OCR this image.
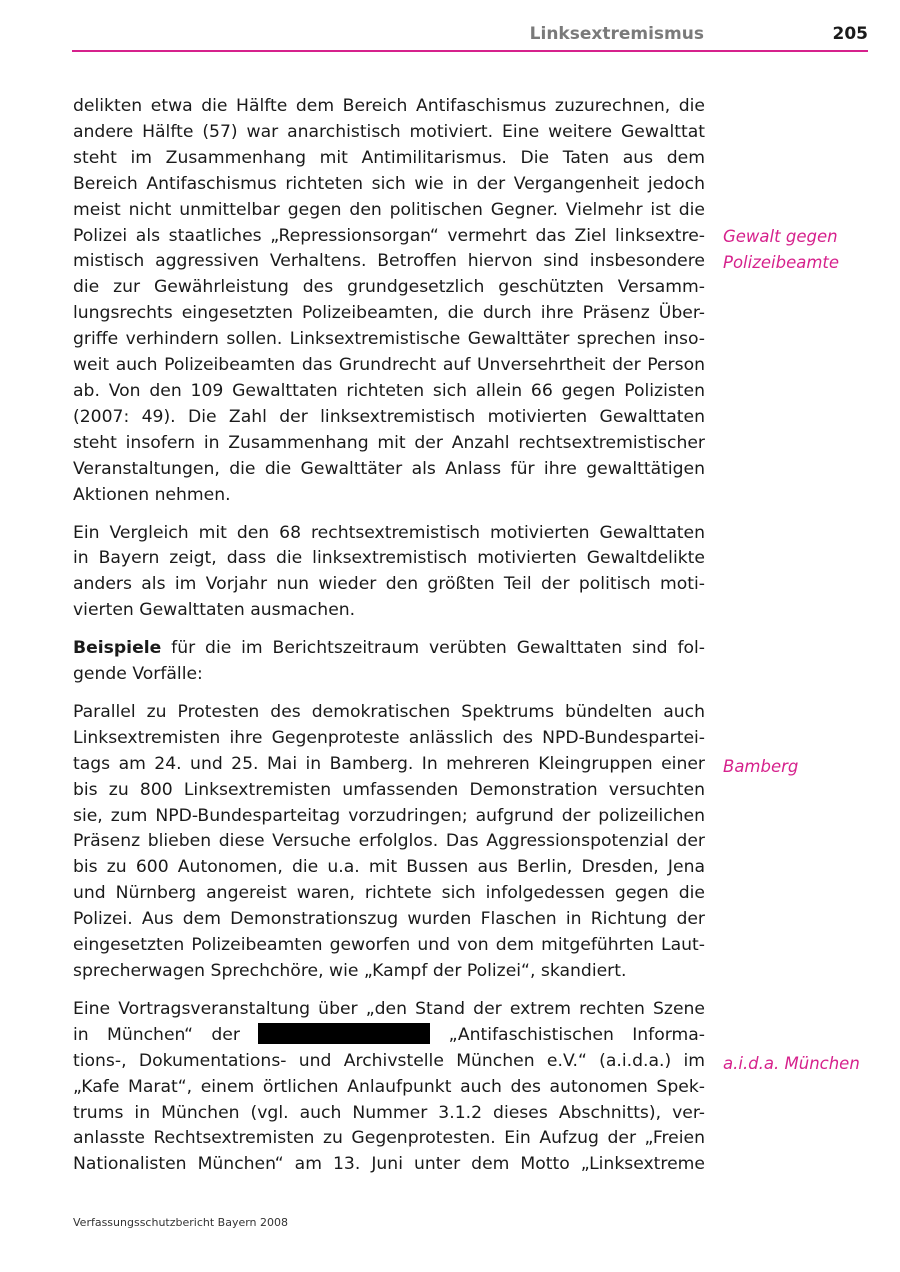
Linksextremismus	205

delikten etwa die Hälfte dem Bereich Antifaschismus zuzurechnen, die
andere Hälfte (57) war anarchistisch motiviert. Eine weitere Gewalttat
steht im Zusammenhang mit Antimilitarismus. Die Taten aus dem
Bereich Antifaschismus richteten sich wie in der Vergangenheit jedoch
meist nicht unmittelbar gegen den politischen Gegner. Vielmehr ist die
Polizei als staatliches „Repressionsorgan“ vermehrt das Ziel linksextre-
mistisch aggressiven Verhaltens. Betroffen hiervon sind insbesondere
die zur Gewährleistung des grundgesetzlich geschützten Versamm-
lungsrechts eingesetzten Polizeibeamten, die durch ihre Präsenz Über-
griffe verhindern sollen. Linksextremistische Gewalttäter sprechen inso-
weit auch Polizeibeamten das Grundrecht auf Unversehrtheit der Person
ab. Von den 109 Gewalttaten richteten sich allein 66 gegen Polizisten
(2007: 49). Die Zahl der linksextremistisch motivierten Gewalttaten
steht insofern in Zusammenhang mit der Anzahl rechtsextremistischer
Veranstaltungen, die die Gewalttäter als Anlass für ihre gewalttätigen
Aktionen nehmen.

Ein Vergleich mit den 68 rechtsextremistisch motivierten Gewalttaten
in Bayern zeigt, dass die linksextremistisch motivierten Gewaltdelikte
anders als im Vorjahr nun wieder den größten Teil der politisch moti-
vierten Gewalttaten ausmachen.

Beispiele für die im Berichtszeitraum verübten Gewalttaten sind fol-
gende Vorfälle:

Parallel zu Protesten des demokratischen Spektrums bündelten auch
Linksextremisten ihre Gegenproteste anlässlich des NPD-Bundespartei-
tags am 24. und 25. Mai in Bamberg. In mehreren Kleingruppen einer
bis zu 800 Linksextremisten umfassenden Demonstration versuchten
sie, zum NPD-Bundesparteitag vorzudringen; aufgrund der polizeilichen
Präsenz blieben diese Versuche erfolglos. Das Aggressionspotenzial der
bis zu 600 Autonomen, die u.a. mit Bussen aus Berlin, Dresden, Jena
und Nürnberg angereist waren, richtete sich infolgedessen gegen die
Polizei. Aus dem Demonstrationszug wurden Flaschen in Richtung der
eingesetzten Polizeibeamten geworfen und von dem mitgeführten Laut-
sprecherwagen Sprechchöre, wie „Kampf der Polizei“, skandiert.

Eine Vortragsveranstaltung über „den Stand der extrem rechten Szene
in München“ der	„Antifaschistischen Informa-
tions-, Dokumentations- und Archivstelle München e.V.“ (a.i.d.a.) im
„Kafe Marat“, einem örtlichen Anlaufpunkt auch des autonomen Spek-
trums in München (vgl. auch Nummer 3.1.2 dieses Abschnitts), ver-
anlasste Rechtsextremisten zu Gegenprotesten. Ein Aufzug der „Freien
Nationalisten München“ am 13. Juni unter dem Motto „Linksextreme

Gewalt gegen
Polizeibeamte
Bamberg
a.i.d.a. München
Verfassungsschutzbericht Bayern 2008
